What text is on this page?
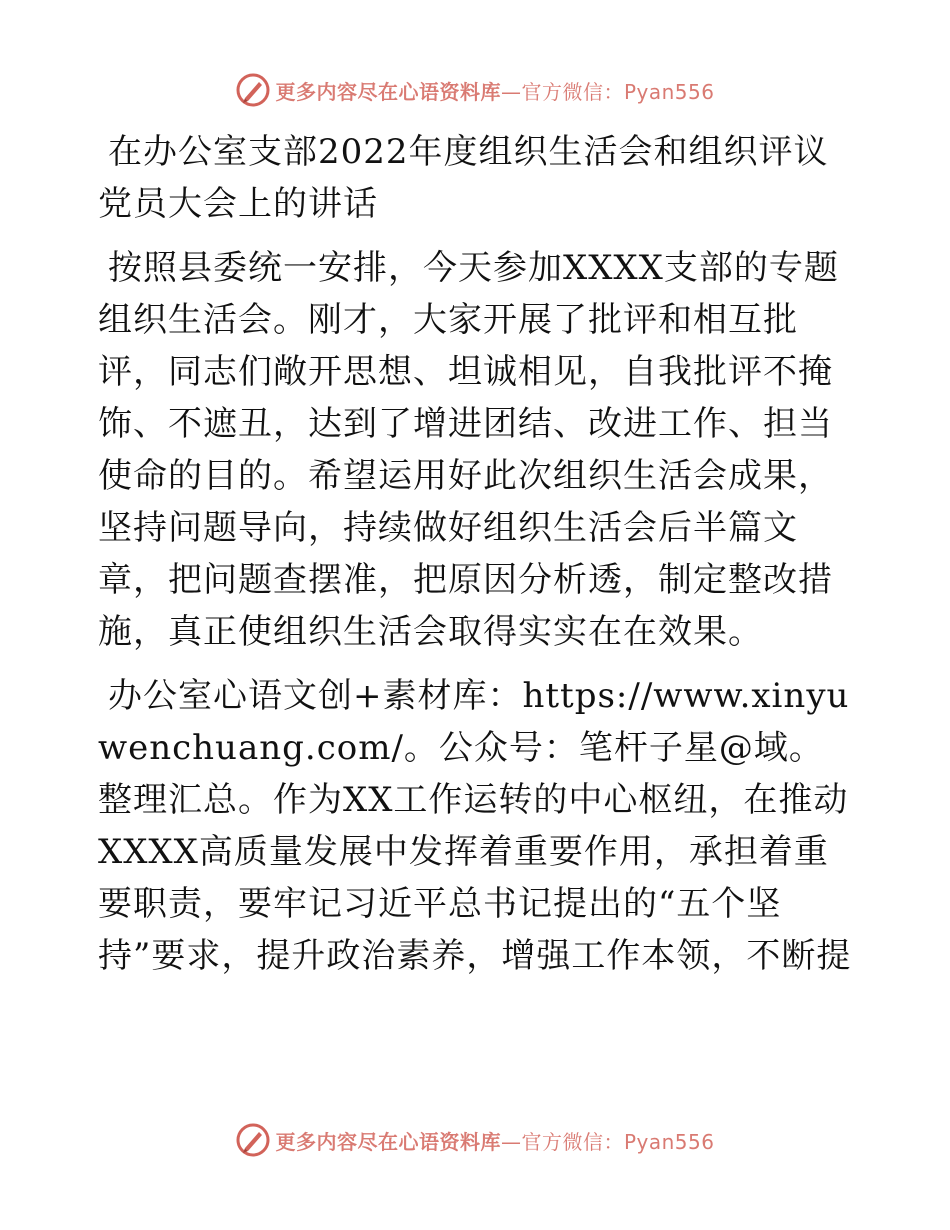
更多内容尽在心语资料库—官方微信：Pyan556

在办公室支部2022年度组织生活会和组织评议党员大会上的讲话

按照县委统一安排，今天参加XXXX支部的专题组织生活会。刚才，大家开展了批评和相互批评，同志们敞开思想、坦诚相见，自我批评不掩饰、不遮丑，达到了增进团结、改进工作、担当使命的目的。希望运用好此次组织生活会成果，坚持问题导向，持续做好组织生活会后半篇文章，把问题查摆准，把原因分析透，制定整改措施，真正使组织生活会取得实实在在效果。

办公室心语文创+素材库：https://www.xinyuwenchuang.com/。公众号：笔杆子星@域。整理汇总。作为XX工作运转的中心枢纽，在推动XXXX高质量发展中发挥着重要作用，承担着重要职责，要牢记习近平总书记提出的“五个坚持”要求，提升政治素养，增强工作本领，不断提

更多内容尽在心语资料库—官方微信：Pyan556
